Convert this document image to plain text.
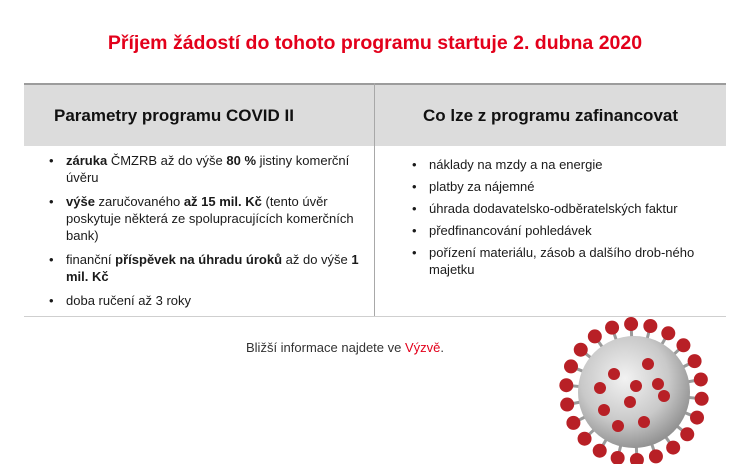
Příjem žádostí do tohoto programu startuje 2. dubna 2020
Parametry programu COVID II	Co lze z programu zafinancovat
• záruka ČMZRB až do výše 80 % jistiny komerční úvěru
• výše zaručovaného až 15 mil. Kč (tento úvěr poskytuje některá ze spolupracujících komerčních bank)
• finanční příspěvek na úhradu úroků až do výše 1 mil. Kč
• doba ručení až 3 roky
• náklady na mzdy a na energie
• platby za nájemné
• úhrada dodavatelsko-odběratelských faktur
• předfinancování pohledávek
• pořízení materiálu, zásob a dalšího drob-ného majetku
Bližší informace najdete ve Výzvě.
